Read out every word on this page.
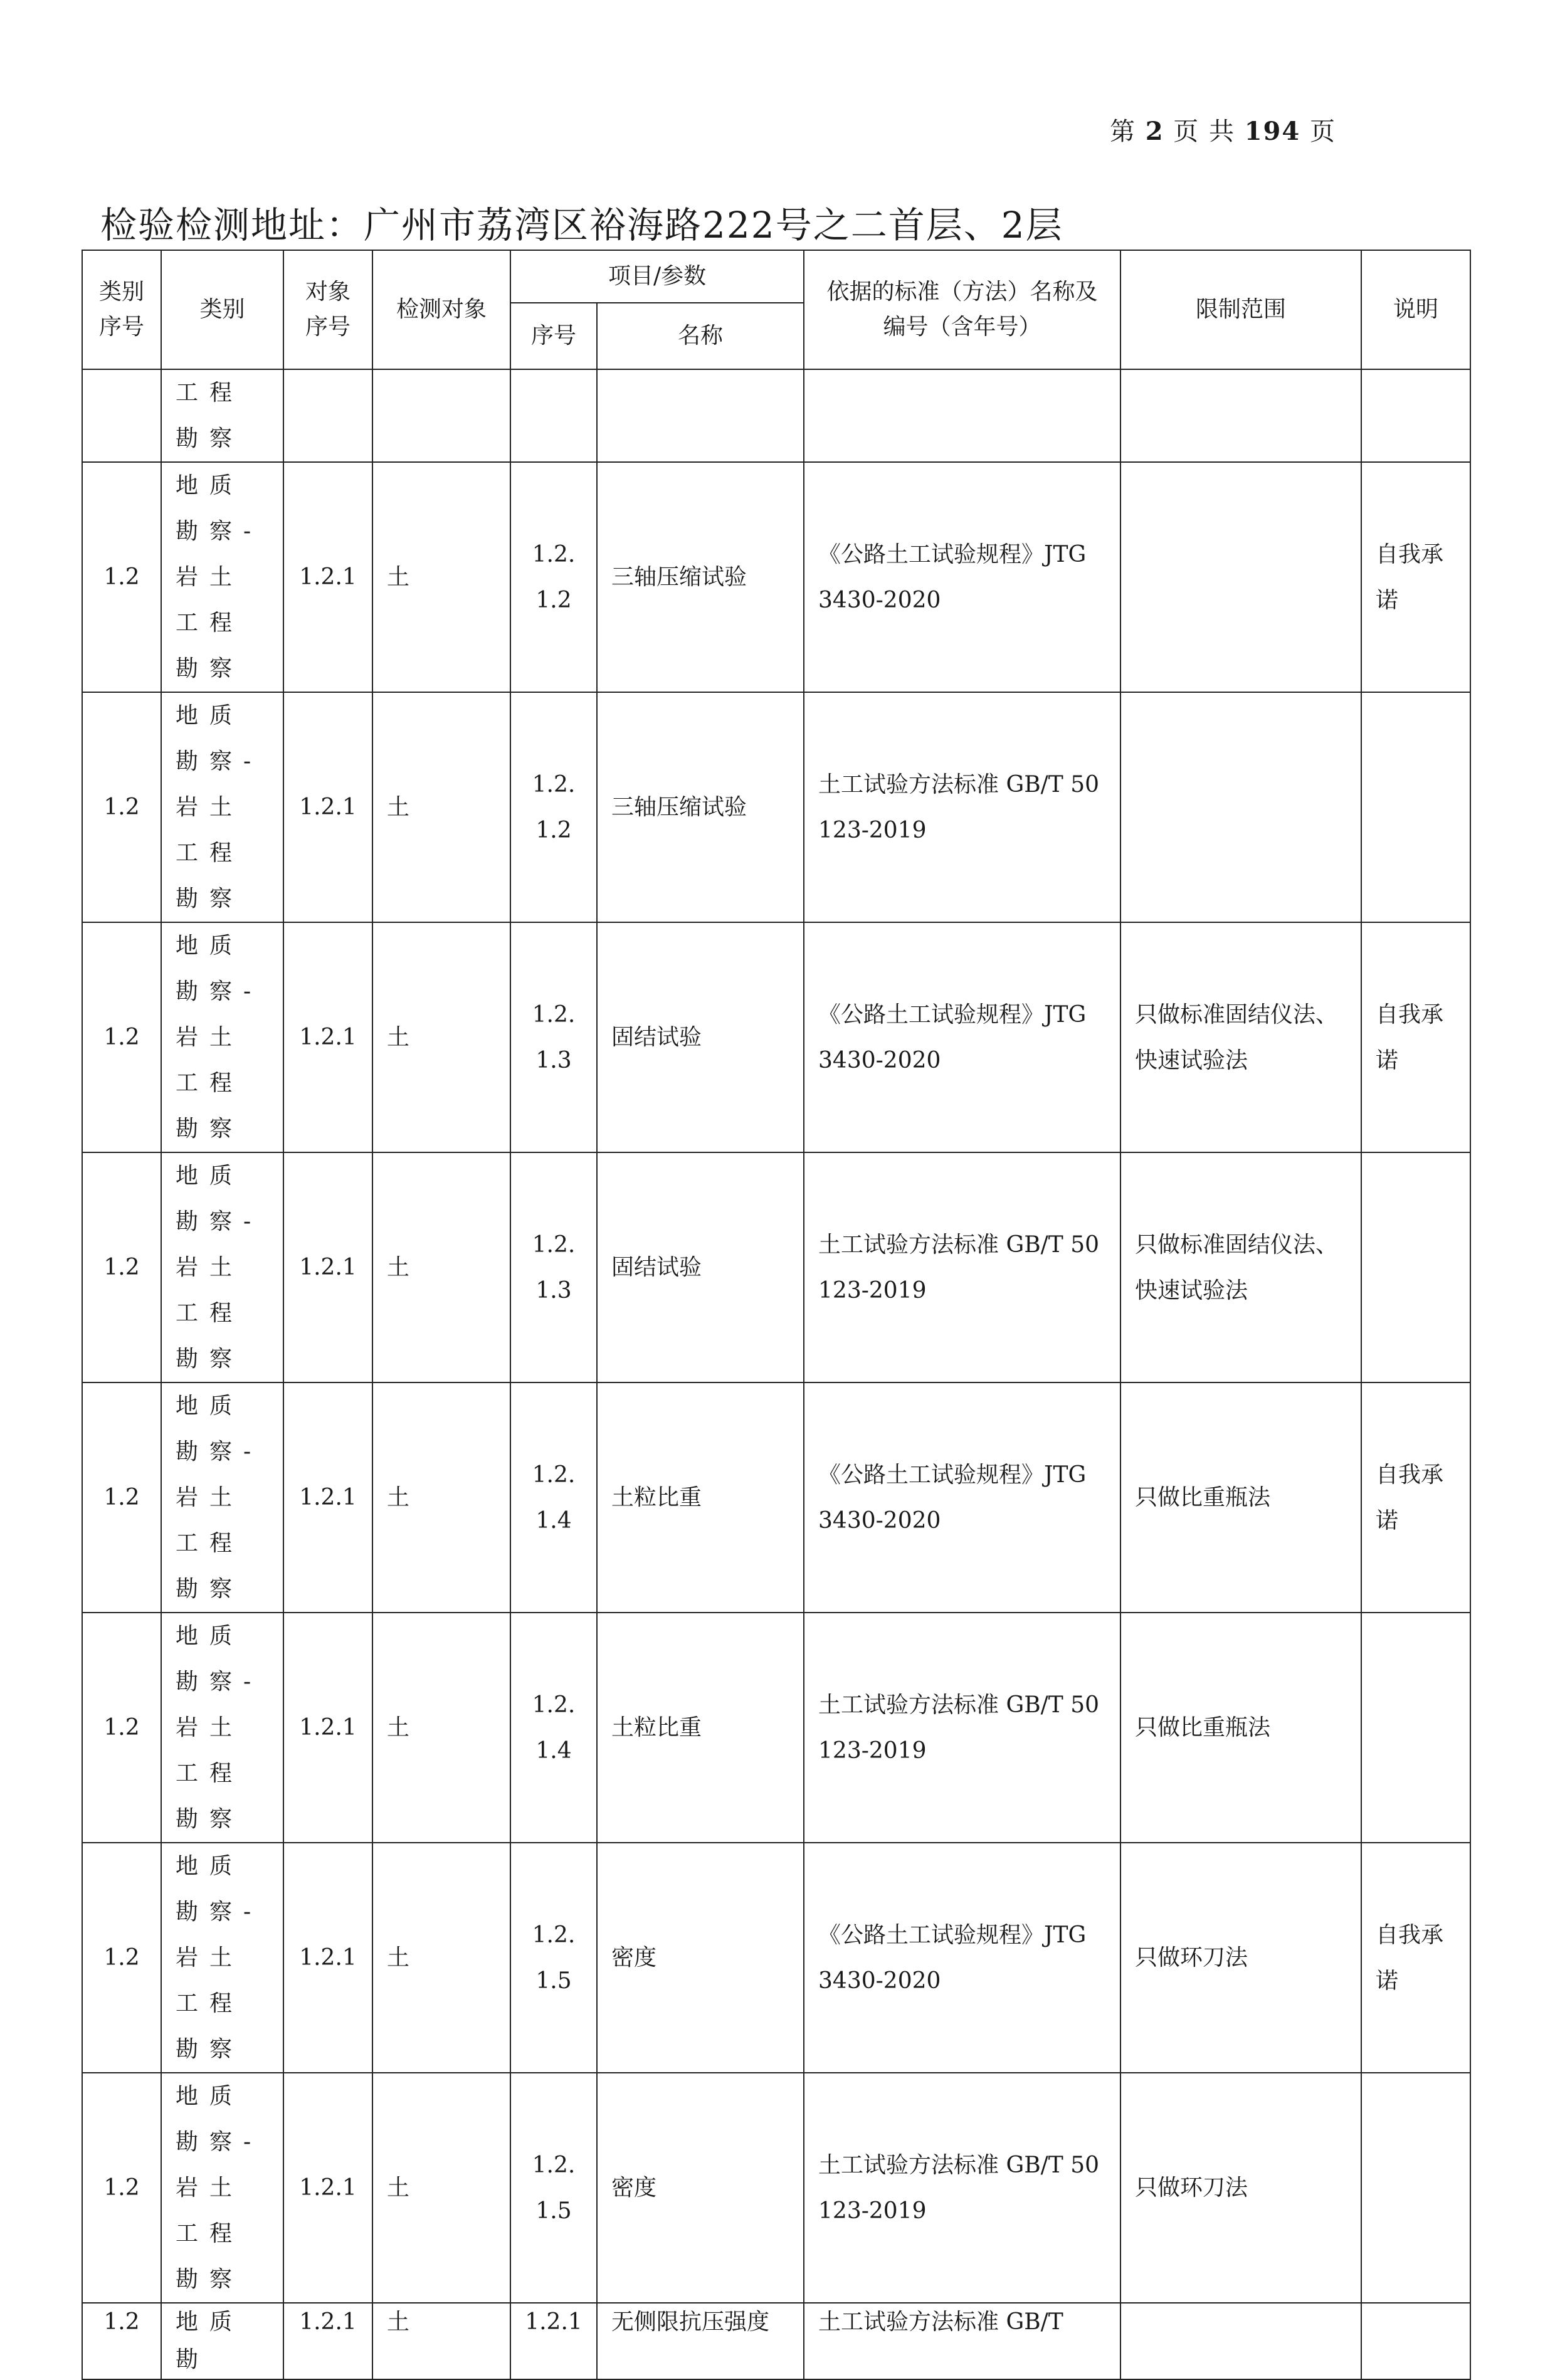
第 2 页 共 194 页
检验检测地址：广州市荔湾区裕海路222号之二首层、2层
类别序号	类别	对象序号	检测对象	项目/参数		依据的标准（方法）名称及编号（含年号）	限制范围	说明
				序号	名称			
	工程勘察							
1.2	地质勘察-岩土工程勘察	1.2.1	土	1.2.1.2	三轴压缩试验	《公路土工试验规程》JTG 3430-2020		自我承诺
1.2	地质勘察-岩土工程勘察	1.2.1	土	1.2.1.2	三轴压缩试验	土工试验方法标准 GB/T 50123-2019		
1.2	地质勘察-岩土工程勘察	1.2.1	土	1.2.1.3	固结试验	《公路土工试验规程》JTG 3430-2020	只做标准固结仪法、快速试验法	自我承诺
1.2	地质勘察-岩土工程勘察	1.2.1	土	1.2.1.3	固结试验	土工试验方法标准 GB/T 50123-2019	只做标准固结仪法、快速试验法	
1.2	地质勘察-岩土工程勘察	1.2.1	土	1.2.1.4	土粒比重	《公路土工试验规程》JTG 3430-2020	只做比重瓶法	自我承诺
1.2	地质勘察-岩土工程勘察	1.2.1	土	1.2.1.4	土粒比重	土工试验方法标准 GB/T 50123-2019	只做比重瓶法	
1.2	地质勘察-岩土工程勘察	1.2.1	土	1.2.1.5	密度	《公路土工试验规程》JTG 3430-2020	只做环刀法	自我承诺
1.2	地质勘察-岩土工程勘察	1.2.1	土	1.2.1.5	密度	土工试验方法标准 GB/T 50123-2019	只做环刀法	
1.2	地质勘	1.2.1	土	1.2.1	无侧限抗压强度	土工试验方法标准 GB/T		
